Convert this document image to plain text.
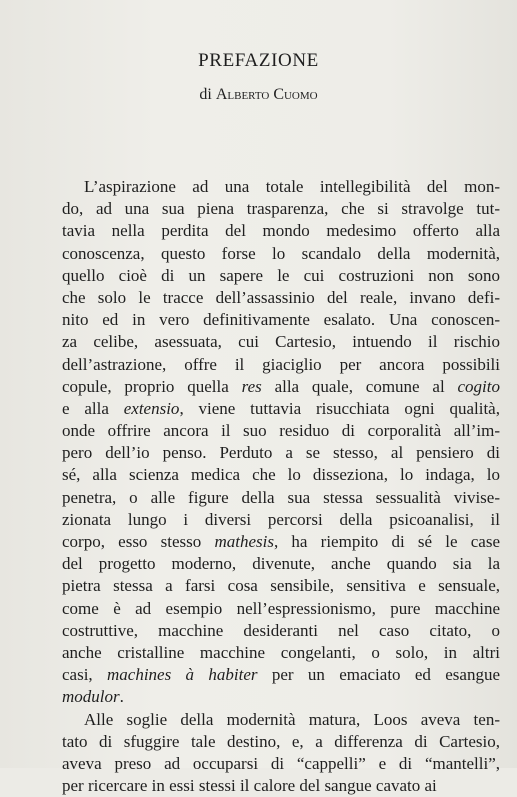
PREFAZIONE
di Alberto Cuomo
L’aspirazione ad una totale intellegibilità del mon-
do, ad una sua piena trasparenza, che si stravolge tut-
tavia nella perdita del mondo medesimo offerto alla
conoscenza, questo forse lo scandalo della modernità,
quello cioè di un sapere le cui costruzioni non sono
che solo le tracce dell’assassinio del reale, invano defi-
nito ed in vero definitivamente esalato. Una conoscen-
za celibe, asessuata, cui Cartesio, intuendo il rischio
dell’astrazione, offre il giaciglio per ancora possibili
copule, proprio quella res alla quale, comune al cogito
e alla extensio, viene tuttavia risucchiata ogni qualità,
onde offrire ancora il suo residuo di corporalità all’im-
pero dell’io penso. Perduto a se stesso, al pensiero di
sé, alla scienza medica che lo disseziona, lo indaga, lo
penetra, o alle figure della sua stessa sessualità vivise-
zionata lungo i diversi percorsi della psicoanalisi, il
corpo, esso stesso mathesis, ha riempito di sé le case
del progetto moderno, divenute, anche quando sia la
pietra stessa a farsi cosa sensibile, sensitiva e sensuale,
come è ad esempio nell’espressionismo, pure macchine
costruttive, macchine desideranti nel caso citato, o
anche cristalline macchine congelanti, o solo, in altri
casi, machines à habiter per un emaciato ed esangue
modulor.
Alle soglie della modernità matura, Loos aveva ten-
tato di sfuggire tale destino, e, a differenza di Cartesio,
aveva preso ad occuparsi di “cappelli” e di “mantelli”,
per ricercare in essi stessi il calore del sangue cavato ai
